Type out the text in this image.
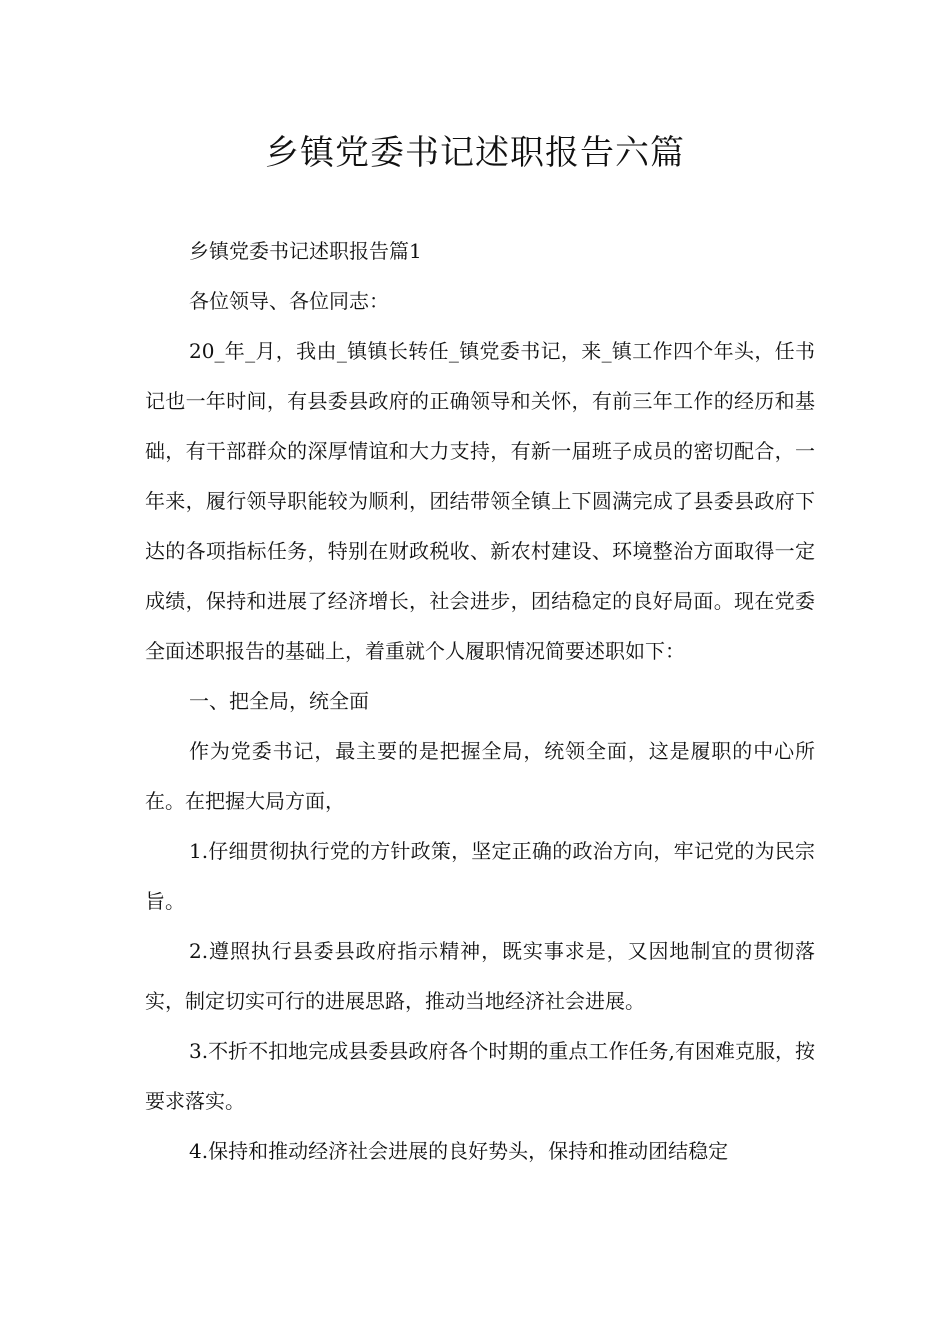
乡镇党委书记述职报告六篇

乡镇党委书记述职报告篇1

各位领导、各位同志：

20_年_月，我由_镇镇长转任_镇党委书记，来_镇工作四个年头，任书记也一年时间，有县委县政府的正确领导和关怀，有前三年工作的经历和基础，有干部群众的深厚情谊和大力支持，有新一届班子成员的密切配合，一年来，履行领导职能较为顺利，团结带领全镇上下圆满完成了县委县政府下达的各项指标任务，特别在财政税收、新农村建设、环境整治方面取得一定成绩，保持和进展了经济增长，社会进步，团结稳定的良好局面。现在党委全面述职报告的基础上，着重就个人履职情况简要述职如下：

一、把全局，统全面

作为党委书记，最主要的是把握全局，统领全面，这是履职的中心所在。在把握大局方面，

1.仔细贯彻执行党的方针政策，坚定正确的政治方向，牢记党的为民宗旨。

2.遵照执行县委县政府指示精神，既实事求是，又因地制宜的贯彻落实，制定切实可行的进展思路，推动当地经济社会进展。

3.不折不扣地完成县委县政府各个时期的重点工作任务,有困难克服，按要求落实。

4.保持和推动经济社会进展的良好势头，保持和推动团结稳定
